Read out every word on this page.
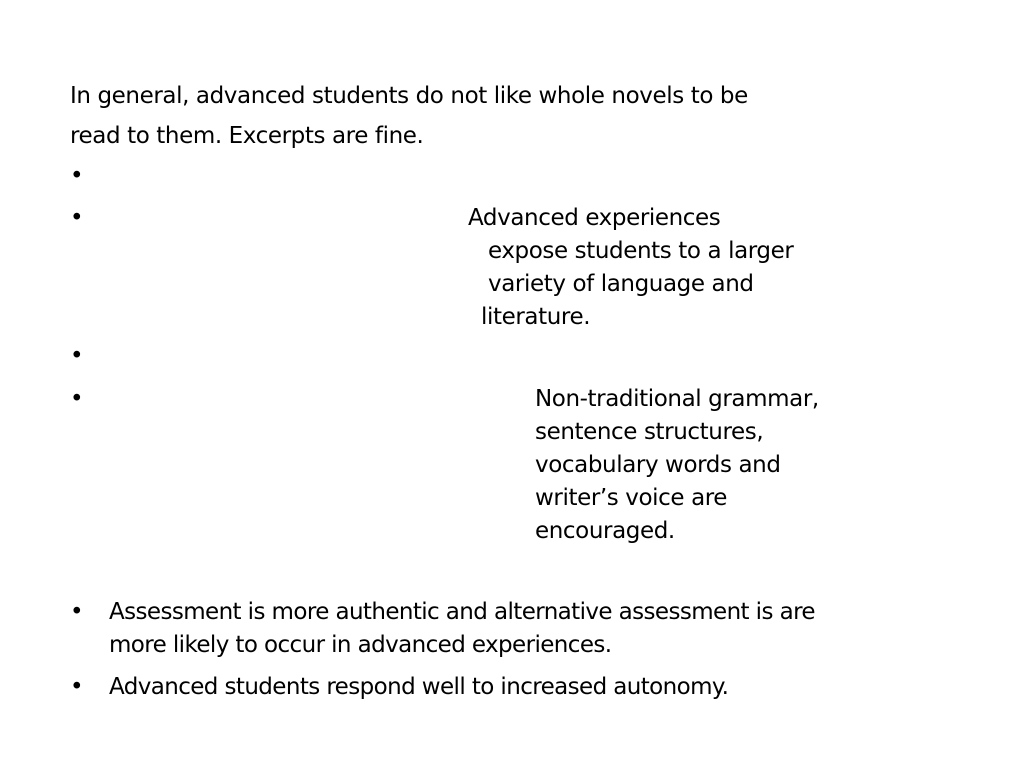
In general, advanced students do not like whole novels to be
read to them. Excerpts are fine.
•
•	Advanced experiences
expose students to a larger
variety of language and
literature.
•
•	Non-traditional grammar,
sentence structures,
vocabulary words and
writer’s voice are
encouraged.
• Assessment is more authentic and alternative assessment is are
more likely to occur in advanced experiences.
• Advanced students respond well to increased autonomy.
